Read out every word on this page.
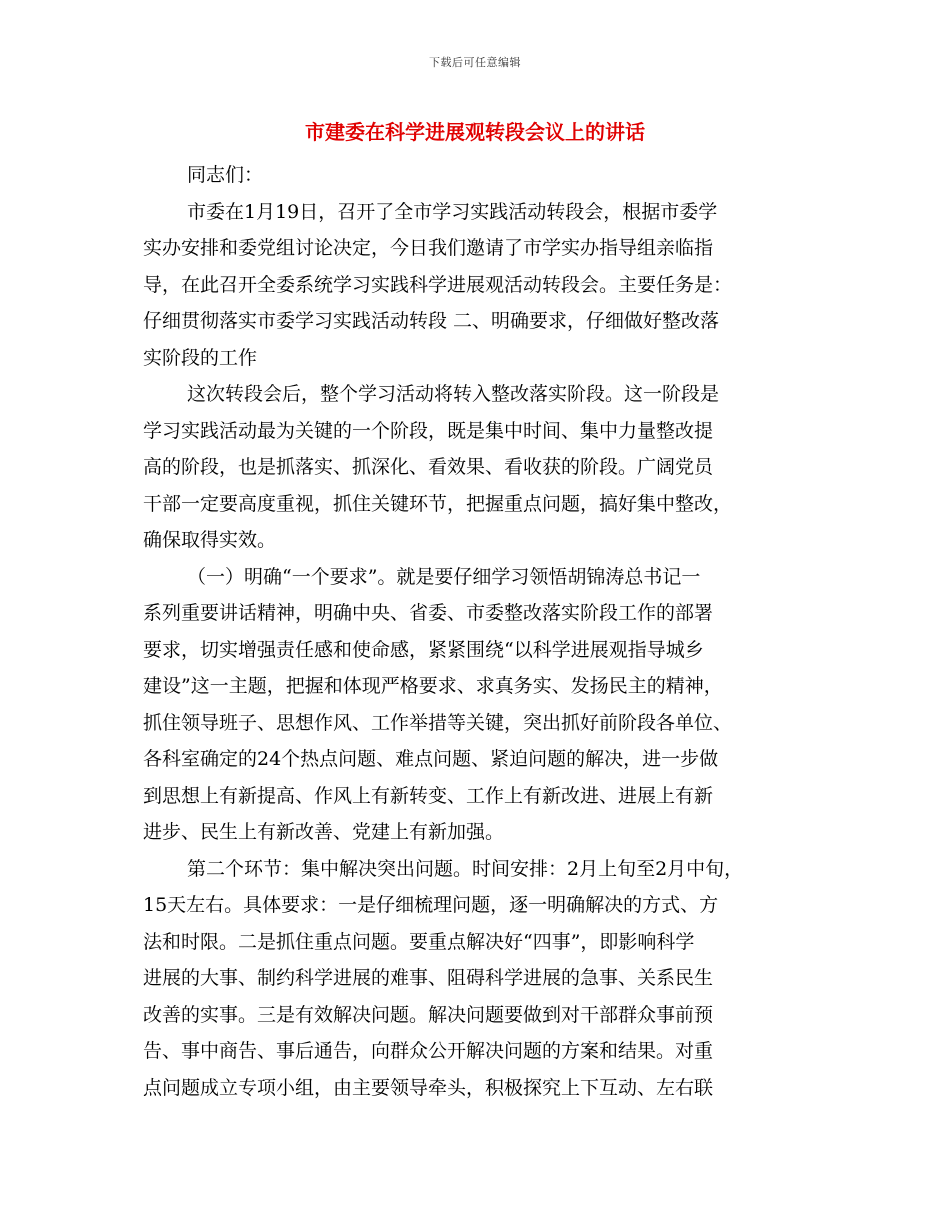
下载后可任意编辑
市建委在科学进展观转段会议上的讲话
同志们：
市委在1月19日，召开了全市学习实践活动转段会，根据市委学
实办安排和委党组讨论决定，今日我们邀请了市学实办指导组亲临指
导，在此召开全委系统学习实践科学进展观活动转段会。主要任务是：
仔细贯彻落实市委学习实践活动转段 二、明确要求，仔细做好整改落
实阶段的工作
这次转段会后，整个学习活动将转入整改落实阶段。这一阶段是
学习实践活动最为关键的一个阶段，既是集中时间、集中力量整改提
高的阶段，也是抓落实、抓深化、看效果、看收获的阶段。广阔党员
干部一定要高度重视，抓住关键环节，把握重点问题，搞好集中整改，
确保取得实效。
（一）明确“一个要求”。就是要仔细学习领悟胡锦涛总书记一
系列重要讲话精神，明确中央、省委、市委整改落实阶段工作的部署
要求，切实增强责任感和使命感，紧紧围绕“以科学进展观指导城乡
建设”这一主题，把握和体现严格要求、求真务实、发扬民主的精神，
抓住领导班子、思想作风、工作举措等关键，突出抓好前阶段各单位、
各科室确定的24个热点问题、难点问题、紧迫问题的解决，进一步做
到思想上有新提高、作风上有新转变、工作上有新改进、进展上有新
进步、民生上有新改善、党建上有新加强。
第二个环节：集中解决突出问题。时间安排：2月上旬至2月中旬，
15天左右。具体要求：一是仔细梳理问题，逐一明确解决的方式、方
法和时限。二是抓住重点问题。要重点解决好“四事”，即影响科学
进展的大事、制约科学进展的难事、阻碍科学进展的急事、关系民生
改善的实事。三是有效解决问题。解决问题要做到对干部群众事前预
告、事中商告、事后通告，向群众公开解决问题的方案和结果。对重
点问题成立专项小组，由主要领导牵头，积极探究上下互动、左右联
